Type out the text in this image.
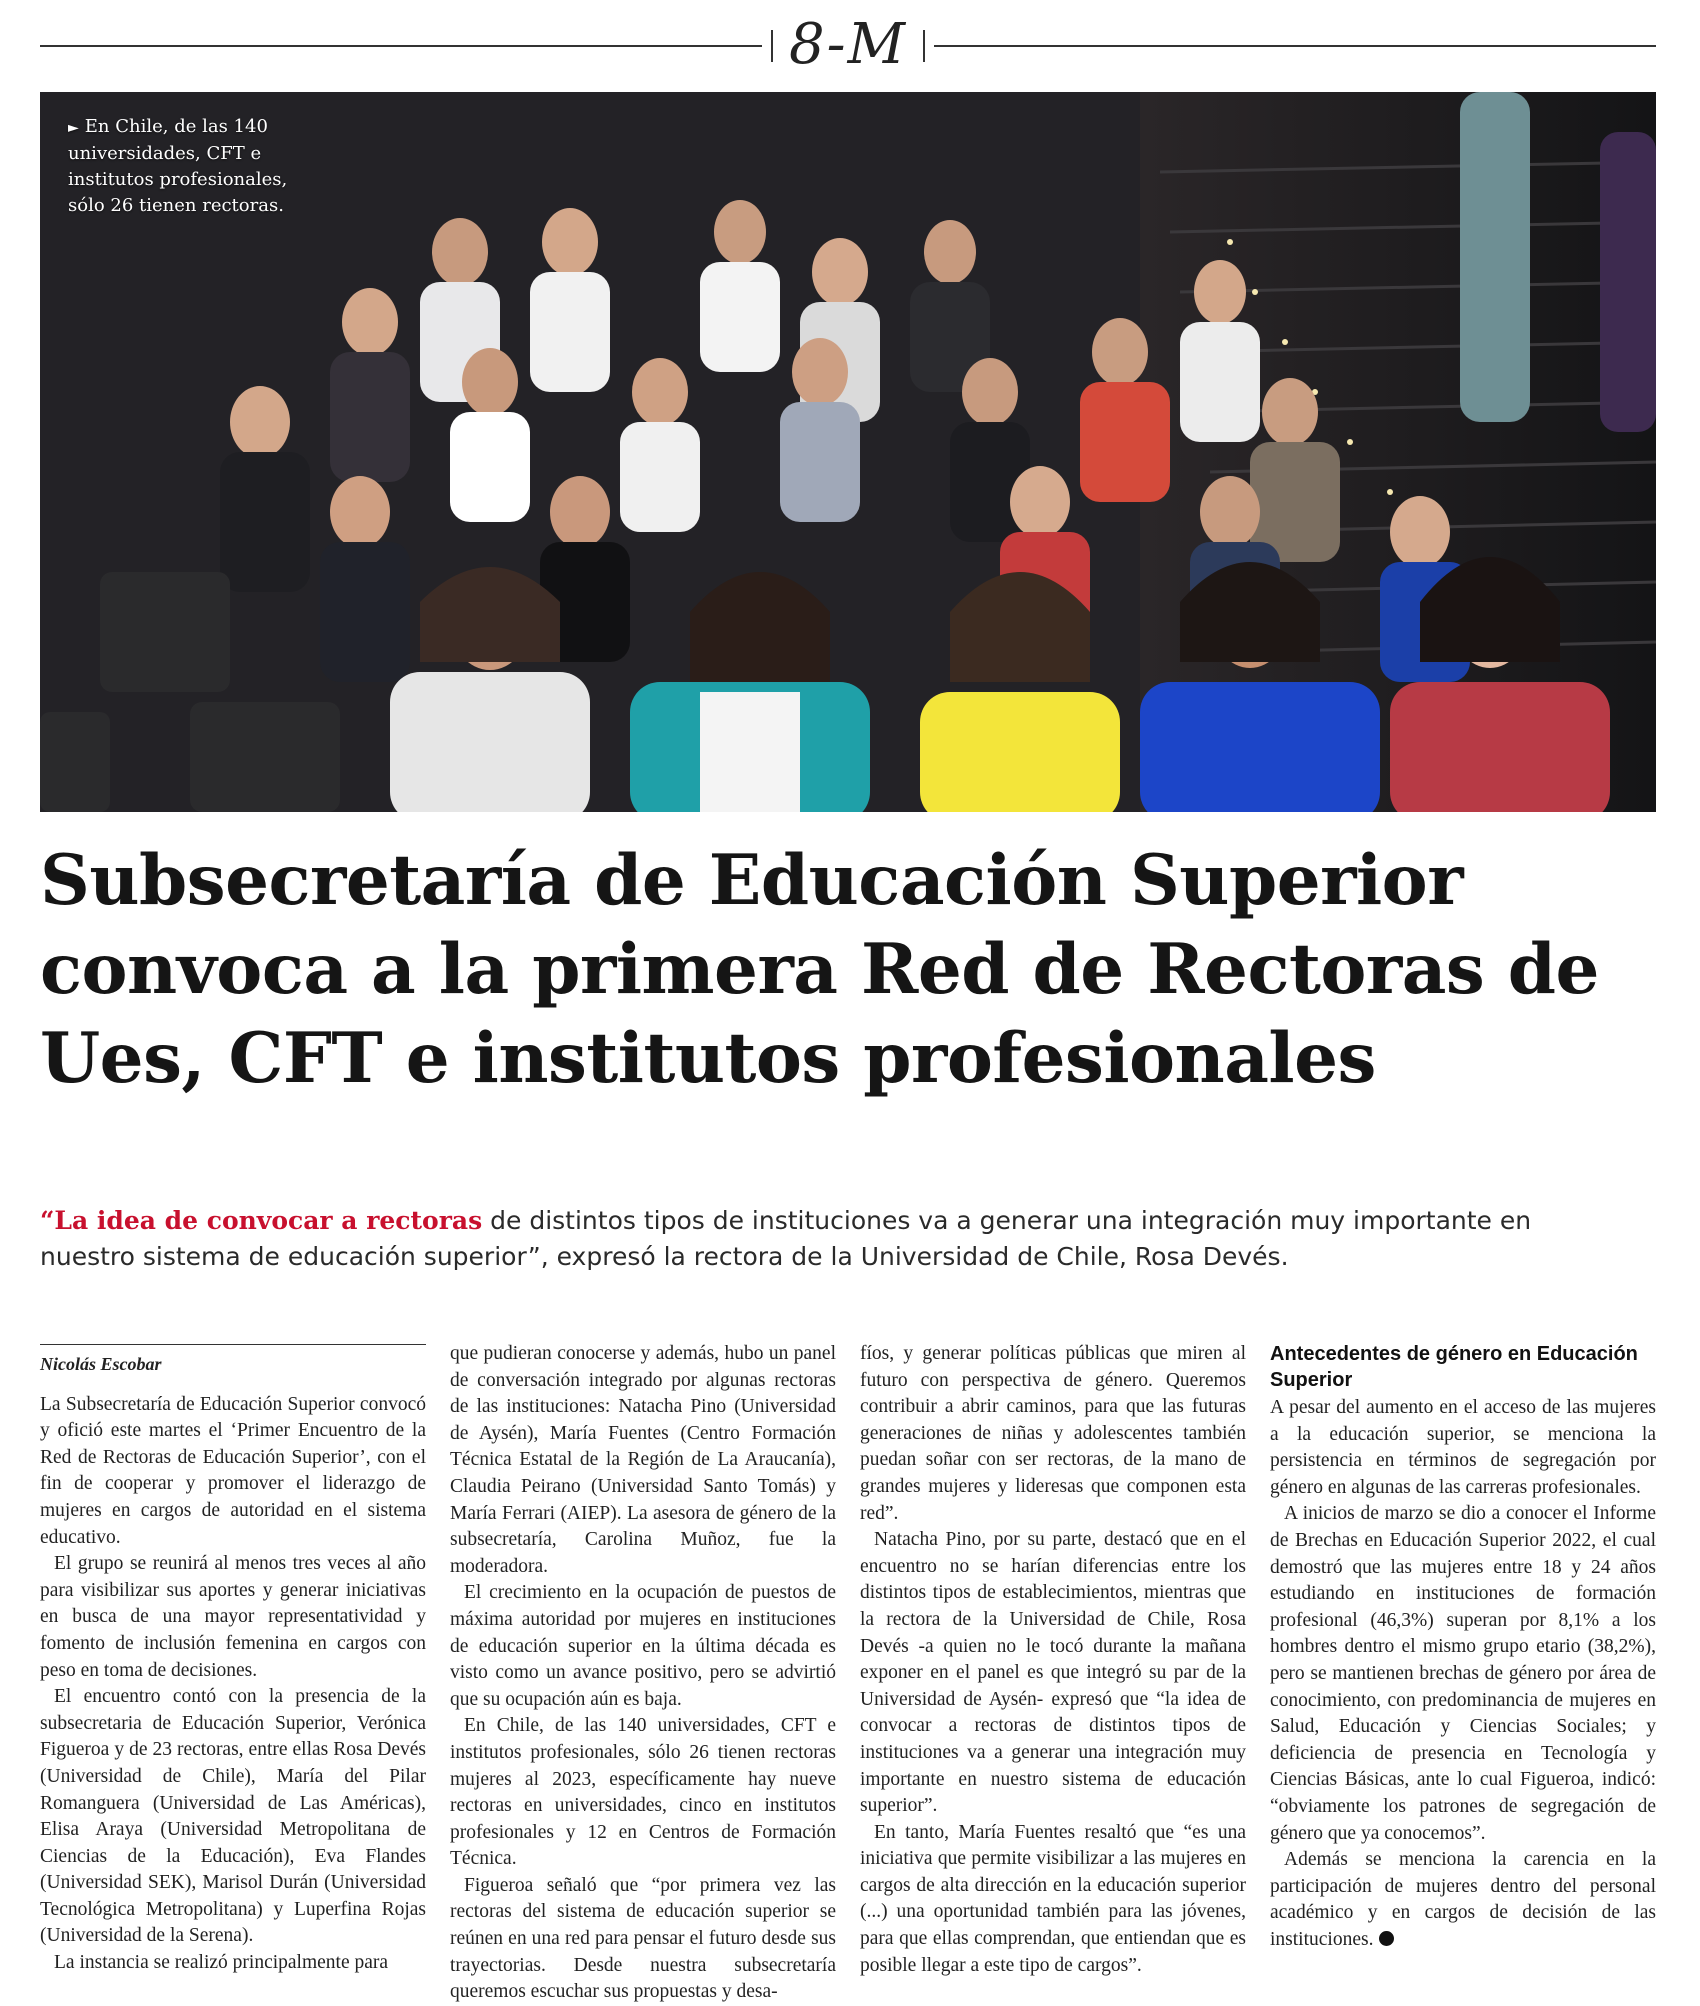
8-M
► En Chile, de las 140 universidades, CFT e institutos profesionales, sólo 26 tienen rectoras.
Subsecretaría de Educación Superior convoca a la primera Red de Rectoras de Ues, CFT e institutos profesionales

“La idea de convocar a rectoras de distintos tipos de instituciones va a generar una integración muy importante en nuestro sistema de educación superior”, expresó la rectora de la Universidad de Chile, Rosa Devés.

Nicolás Escobar

La Subsecretaría de Educación Superior convocó y ofició este martes el ‘Primer Encuentro de la Red de Rectoras de Educación Superior’, con el fin de cooperar y promover el liderazgo de mujeres en cargos de autoridad en el sistema educativo.

El grupo se reunirá al menos tres veces al año para visibilizar sus aportes y generar iniciativas en busca de una mayor representatividad y fomento de inclusión femenina en cargos con peso en toma de decisiones.

El encuentro contó con la presencia de la subsecretaria de Educación Superior, Verónica Figueroa y de 23 rectoras, entre ellas Rosa Devés (Universidad de Chile), María del Pilar Romanguera (Universidad de Las Américas), Elisa Araya (Universidad Metropolitana de Ciencias de la Educación), Eva Flandes (Universidad SEK), Marisol Durán (Universidad Tecnológica Metropolitana) y Luperfina Rojas (Universidad de la Serena).

La instancia se realizó principalmente para

que pudieran conocerse y además, hubo un panel de conversación integrado por algunas rectoras de las instituciones: Natacha Pino (Universidad de Aysén), María Fuentes (Centro Formación Técnica Estatal de la Región de La Araucanía), Claudia Peirano (Universidad Santo Tomás) y María Ferrari (AIEP). La asesora de género de la subsecretaría, Carolina Muñoz, fue la moderadora.

El crecimiento en la ocupación de puestos de máxima autoridad por mujeres en instituciones de educación superior en la última década es visto como un avance positivo, pero se advirtió que su ocupación aún es baja.

En Chile, de las 140 universidades, CFT e institutos profesionales, sólo 26 tienen rectoras mujeres al 2023, específicamente hay nueve rectoras en universidades, cinco en institutos profesionales y 12 en Centros de Formación Técnica.

Figueroa señaló que “por primera vez las rectoras del sistema de educación superior se reúnen en una red para pensar el futuro desde sus trayectorias. Desde nuestra subsecretaría queremos escuchar sus propuestas y desa-

fíos, y generar políticas públicas que miren al futuro con perspectiva de género. Queremos contribuir a abrir caminos, para que las futuras generaciones de niñas y adolescentes también puedan soñar con ser rectoras, de la mano de grandes mujeres y lideresas que componen esta red”.

Natacha Pino, por su parte, destacó que en el encuentro no se harían diferencias entre los distintos tipos de establecimientos, mientras que la rectora de la Universidad de Chile, Rosa Devés -a quien no le tocó durante la mañana exponer en el panel es que integró su par de la Universidad de Aysén- expresó que “la idea de convocar a rectoras de distintos tipos de instituciones va a generar una integración muy importante en nuestro sistema de educación superior”.

En tanto, María Fuentes resaltó que “es una iniciativa que permite visibilizar a las mujeres en cargos de alta dirección en la educación superior (...) una oportunidad también para las jóvenes, para que ellas comprendan, que entiendan que es posible llegar a este tipo de cargos”.

Antecedentes de género en Educación Superior

A pesar del aumento en el acceso de las mujeres a la educación superior, se menciona la persistencia en términos de segregación por género en algunas de las carreras profesionales.

A inicios de marzo se dio a conocer el Informe de Brechas en Educación Superior 2022, el cual demostró que las mujeres entre 18 y 24 años estudiando en instituciones de formación profesional (46,3%) superan por 8,1% a los hombres dentro el mismo grupo etario (38,2%), pero se mantienen brechas de género por área de conocimiento, con predominancia de mujeres en Salud, Educación y Ciencias Sociales; y deficiencia de presencia en Tecnología y Ciencias Básicas, ante lo cual Figueroa, indicó: “obviamente los patrones de segregación de género que ya conocemos”.

Además se menciona la carencia en la participación de mujeres dentro del personal académico y en cargos de decisión de las instituciones.
